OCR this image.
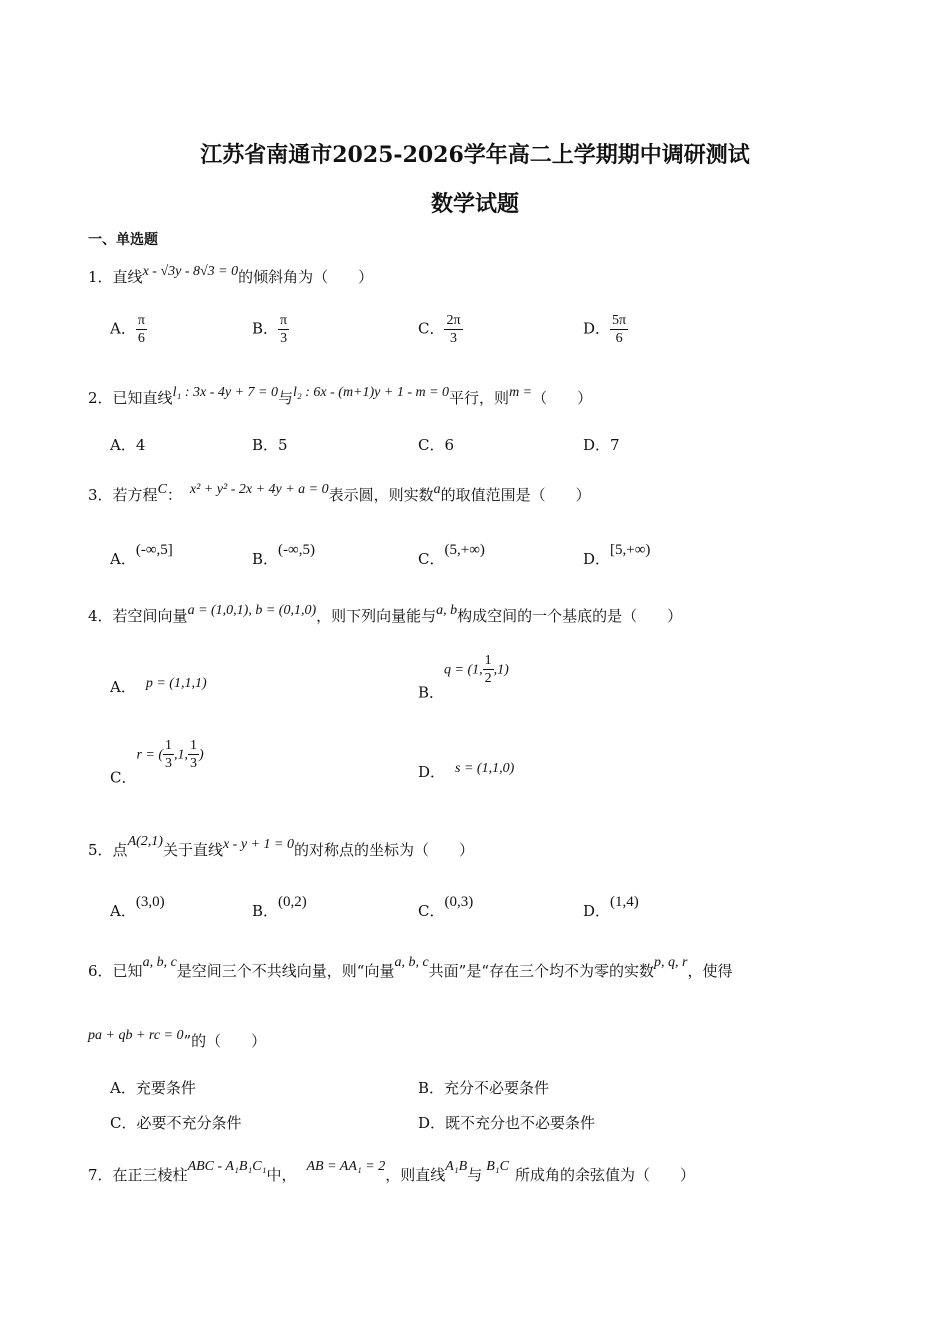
江苏省南通市2025-2026学年高二上学期期中调研测试
数学试题
一、单选题
1．直线x - √3y - 8√3 = 0的倾斜角为（　　）
A． $\frac{\pi}{6}$	B． $\frac{\pi}{3}$	C． $\frac{2\pi}{3}$	D． $\frac{5\pi}{6}$
2．已知直线l₁ : 3x - 4y + 7 = 0与l₂ : 6x - (m+1)y + 1 - m = 0平行，则m =（　　）
A．4	B．5	C．6	D．7
3．若方程C： x² + y² - 2x + 4y + a = 0表示圆，则实数a的取值范围是（　　）
A．(-∞,5]	B．(-∞,5)	C．(5,+∞)	D．[5,+∞)
4．若空间向量a = (1,0,1), b = (0,1,0)，则下列向量能与a, b构成空间的一个基底的是（　　）
A． p = (1,1,1)	B．q = (1, $\frac{1}{2} ,1$)
C．r = ( $\frac{1}{3} ,1$, $\frac{1}{3}$ )
D． s = (1,1,0)
5．点A(2,1)关于直线x - y + 1 = 0的对称点的坐标为（　　）
A．(3,0)	B．(0,2)	C．(0,3)	D．(1,4)
6．已知a, b, c是空间三个不共线向量，则“向量a, b, c共面”是“存在三个均不为零的实数p, q, r，使得
pa + qb + rc = 0”的（　　）
A．充要条件	B．充分不必要条件
C．必要不充分条件	D．既不充分也不必要条件
7．在正三棱柱ABC - A₁B₁C₁中， AB = AA₁ = 2，则直线A₁B与 B₁C 所成角的余弦值为（　　）
